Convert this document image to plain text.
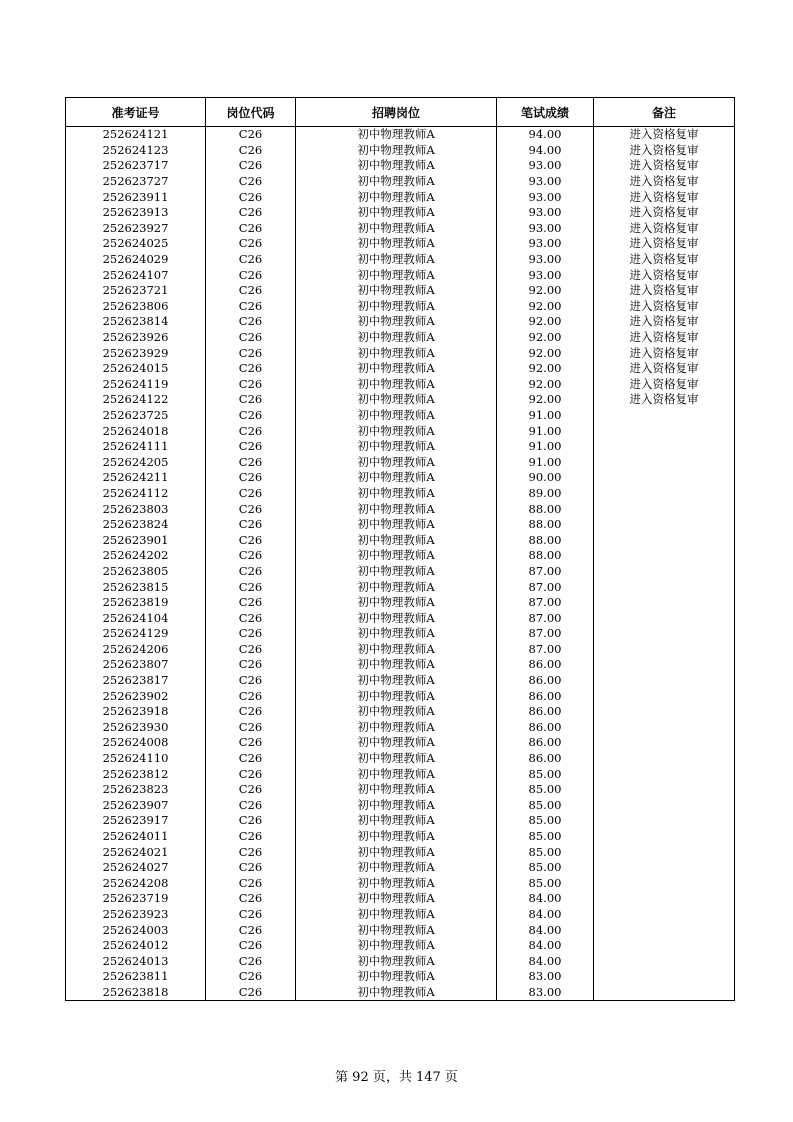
准考证号	岗位代码	招聘岗位	笔试成绩	备注
252624121	C26	初中物理教师A	94.00	进入资格复审
252624123	C26	初中物理教师A	94.00	进入资格复审
252623717	C26	初中物理教师A	93.00	进入资格复审
252623727	C26	初中物理教师A	93.00	进入资格复审
252623911	C26	初中物理教师A	93.00	进入资格复审
252623913	C26	初中物理教师A	93.00	进入资格复审
252623927	C26	初中物理教师A	93.00	进入资格复审
252624025	C26	初中物理教师A	93.00	进入资格复审
252624029	C26	初中物理教师A	93.00	进入资格复审
252624107	C26	初中物理教师A	93.00	进入资格复审
252623721	C26	初中物理教师A	92.00	进入资格复审
252623806	C26	初中物理教师A	92.00	进入资格复审
252623814	C26	初中物理教师A	92.00	进入资格复审
252623926	C26	初中物理教师A	92.00	进入资格复审
252623929	C26	初中物理教师A	92.00	进入资格复审
252624015	C26	初中物理教师A	92.00	进入资格复审
252624119	C26	初中物理教师A	92.00	进入资格复审
252624122	C26	初中物理教师A	92.00	进入资格复审
252623725	C26	初中物理教师A	91.00	
252624018	C26	初中物理教师A	91.00	
252624111	C26	初中物理教师A	91.00	
252624205	C26	初中物理教师A	91.00	
252624211	C26	初中物理教师A	90.00	
252624112	C26	初中物理教师A	89.00	
252623803	C26	初中物理教师A	88.00	
252623824	C26	初中物理教师A	88.00	
252623901	C26	初中物理教师A	88.00	
252624202	C26	初中物理教师A	88.00	
252623805	C26	初中物理教师A	87.00	
252623815	C26	初中物理教师A	87.00	
252623819	C26	初中物理教师A	87.00	
252624104	C26	初中物理教师A	87.00	
252624129	C26	初中物理教师A	87.00	
252624206	C26	初中物理教师A	87.00	
252623807	C26	初中物理教师A	86.00	
252623817	C26	初中物理教师A	86.00	
252623902	C26	初中物理教师A	86.00	
252623918	C26	初中物理教师A	86.00	
252623930	C26	初中物理教师A	86.00	
252624008	C26	初中物理教师A	86.00	
252624110	C26	初中物理教师A	86.00	
252623812	C26	初中物理教师A	85.00	
252623823	C26	初中物理教师A	85.00	
252623907	C26	初中物理教师A	85.00	
252623917	C26	初中物理教师A	85.00	
252624011	C26	初中物理教师A	85.00	
252624021	C26	初中物理教师A	85.00	
252624027	C26	初中物理教师A	85.00	
252624208	C26	初中物理教师A	85.00	
252623719	C26	初中物理教师A	84.00	
252623923	C26	初中物理教师A	84.00	
252624003	C26	初中物理教师A	84.00	
252624012	C26	初中物理教师A	84.00	
252624013	C26	初中物理教师A	84.00	
252623811	C26	初中物理教师A	83.00	
252623818	C26	初中物理教师A	83.00	
第 92 页，共 147 页
